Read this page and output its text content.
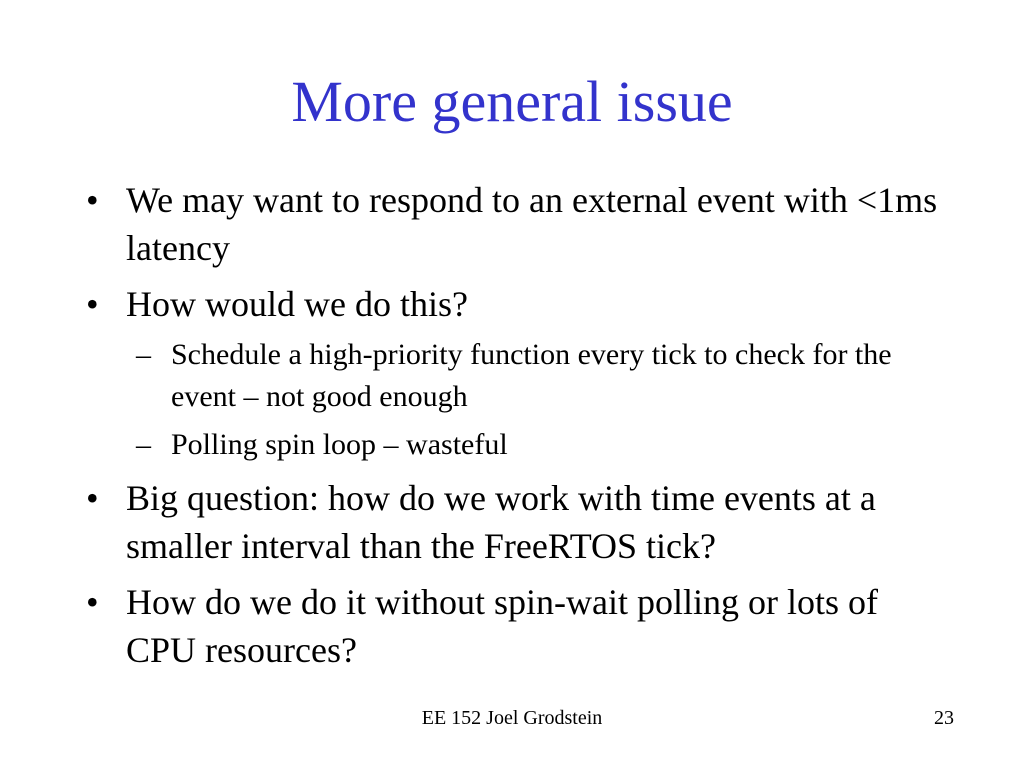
More general issue
• We may want to respond to an external event with <1ms latency
• How would we do this?
– Schedule a high-priority function every tick to check for the event – not good enough
– Polling spin loop – wasteful
• Big question: how do we work with time events at a smaller interval than the FreeRTOS tick?
• How do we do it without spin-wait polling or lots of CPU resources?
EE 152 Joel Grodstein	23
